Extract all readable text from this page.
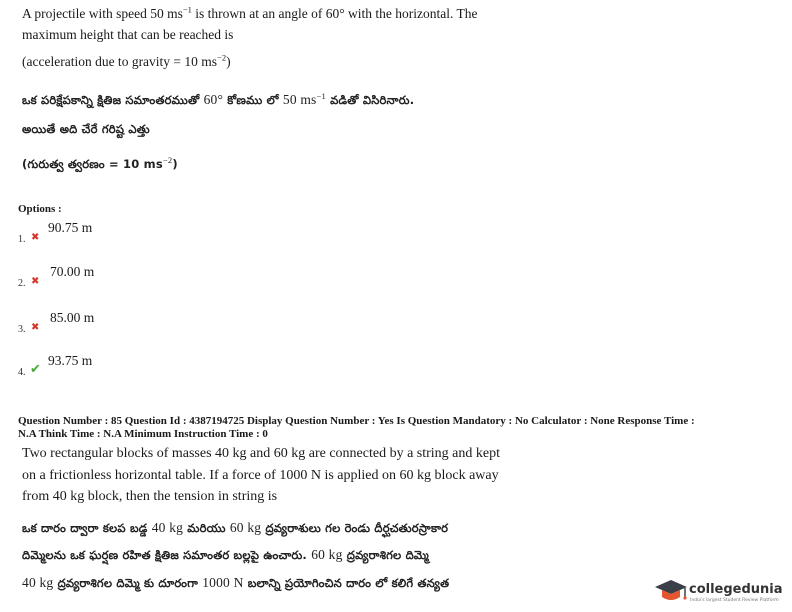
A projectile with speed 50 $ms^{-1}$ is thrown at an angle of 60° with the horizontal. The
maximum height that can be reached is
(acceleration due to gravity = 10 $ms^{-2}$)
ఒక పరిక్షేపకాన్ని క్షితిజ సమాంతరముతో 60° కోణము లో 50 $ms^{-1}$ వడితో విసిరినారు.
అయితే అది చేరే గరిష్ట ఎత్తు
(గురుత్వ త్వరణం = 10 $ms^{-2}$)
Options :
90.75 m
1. ✖
70.00 m
2. ✖
85.00 m
3. ✖
93.75 m
4. ✔
Question Number : 85 Question Id : 4387194725 Display Question Number : Yes Is Question Mandatory : No Calculator : None Response Time :
N.A Think Time : N.A Minimum Instruction Time : 0
Two rectangular blocks of masses 40 kg and 60 kg are connected by a string and kept
on a frictionless horizontal table. If a force of 1000 N is applied on 60 kg block away
from 40 kg block, then the tension in string is
ఒక దారం ద్వారా కలప బడ్డ 40 kg మరియు 60 kg ద్రవ్యరాశులు గల రెండు దీర్ఘచతురస్రాకార
దిమ్మెలను ఒక ఘర్షణ రహిత క్షితిజ సమాంతర బల్లపై ఉంచారు. 60 kg ద్రవ్యరాశిగల దిమ్మె
40 kg ద్రవ్యరాశిగల దిమ్మె కు దూరంగా 1000 N బలాన్ని ప్రయోగించిన దారం లో కలిగే తన్యత	collegedunia
India's largest Student Review Platform
